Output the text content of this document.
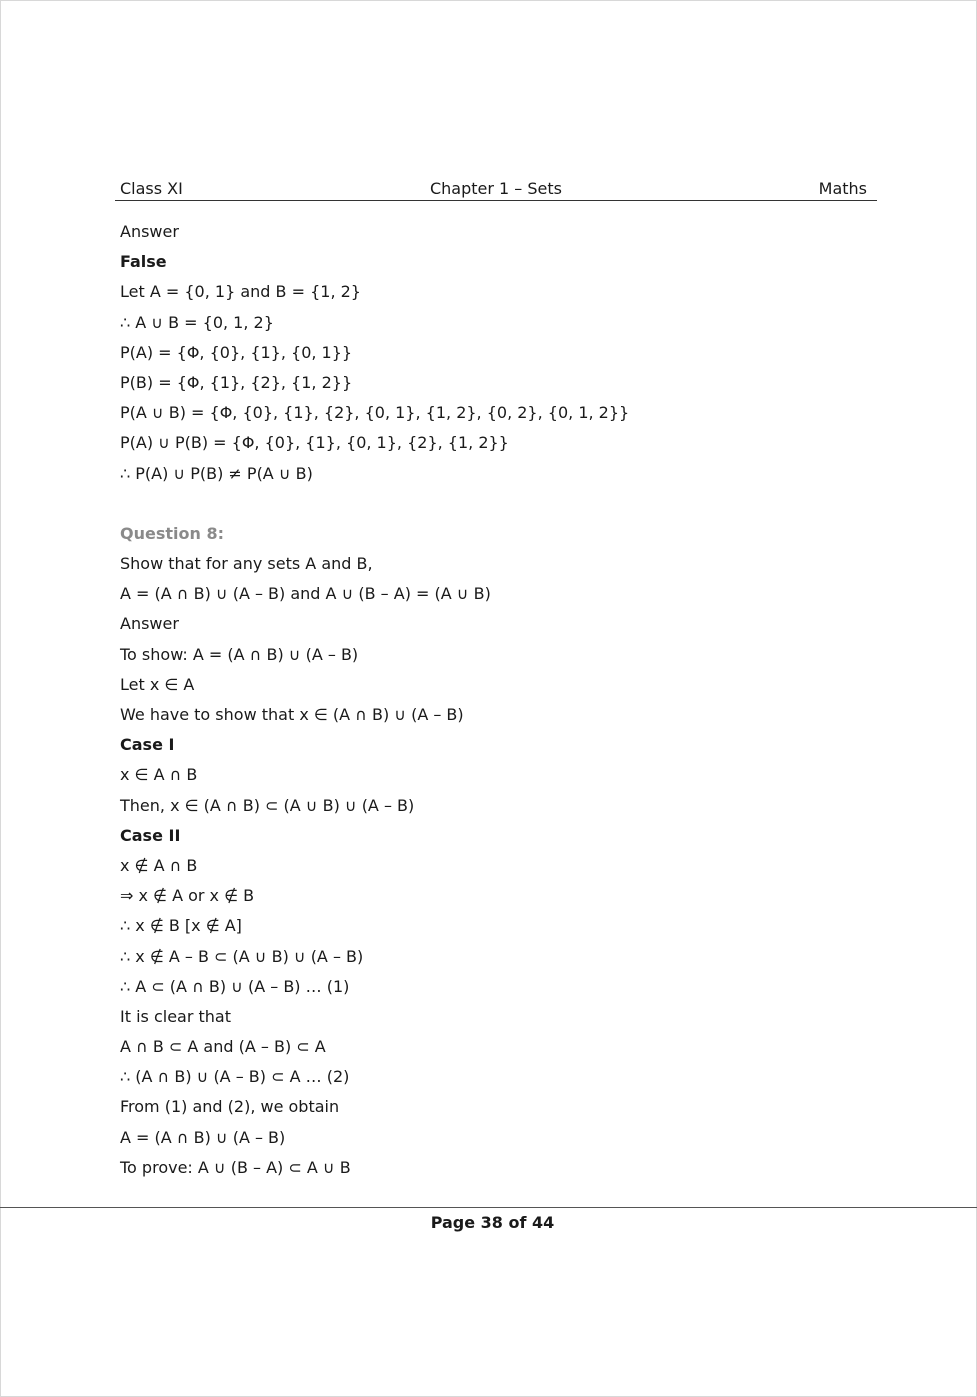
Class XI	Chapter 1 – Sets	Maths
Answer
False
Let A = {0, 1} and B = {1, 2}
∴ A ∪ B = {0, 1, 2}
P(A) = {Φ, {0}, {1}, {0, 1}}
P(B) = {Φ, {1}, {2}, {1, 2}}
P(A ∪ B) = {Φ, {0}, {1}, {2}, {0, 1}, {1, 2}, {0, 2}, {0, 1, 2}}
P(A) ∪ P(B) = {Φ, {0}, {1}, {0, 1}, {2}, {1, 2}}
∴ P(A) ∪ P(B) ≠ P(A ∪ B)
Question 8:
Show that for any sets A and B,
A = (A ∩ B) ∪ (A – B) and A ∪ (B – A) = (A ∪ B)
Answer
To show: A = (A ∩ B) ∪ (A – B)
Let x ∈ A
We have to show that x ∈ (A ∩ B) ∪ (A – B)
Case I
x ∈ A ∩ B
Then, x ∈ (A ∩ B) ⊂ (A ∪ B) ∪ (A – B)
Case II
x ∉ A ∩ B
⇒ x ∉ A or x ∉ B
∴ x ∉ B [x ∉ A]
∴ x ∉ A – B ⊂ (A ∪ B) ∪ (A – B)
∴ A ⊂ (A ∩ B) ∪ (A – B) … (1)
It is clear that
A ∩ B ⊂ A and (A – B) ⊂ A
∴ (A ∩ B) ∪ (A – B) ⊂ A … (2)
From (1) and (2), we obtain
A = (A ∩ B) ∪ (A – B)
To prove: A ∪ (B – A) ⊂ A ∪ B
Page 38 of 44
